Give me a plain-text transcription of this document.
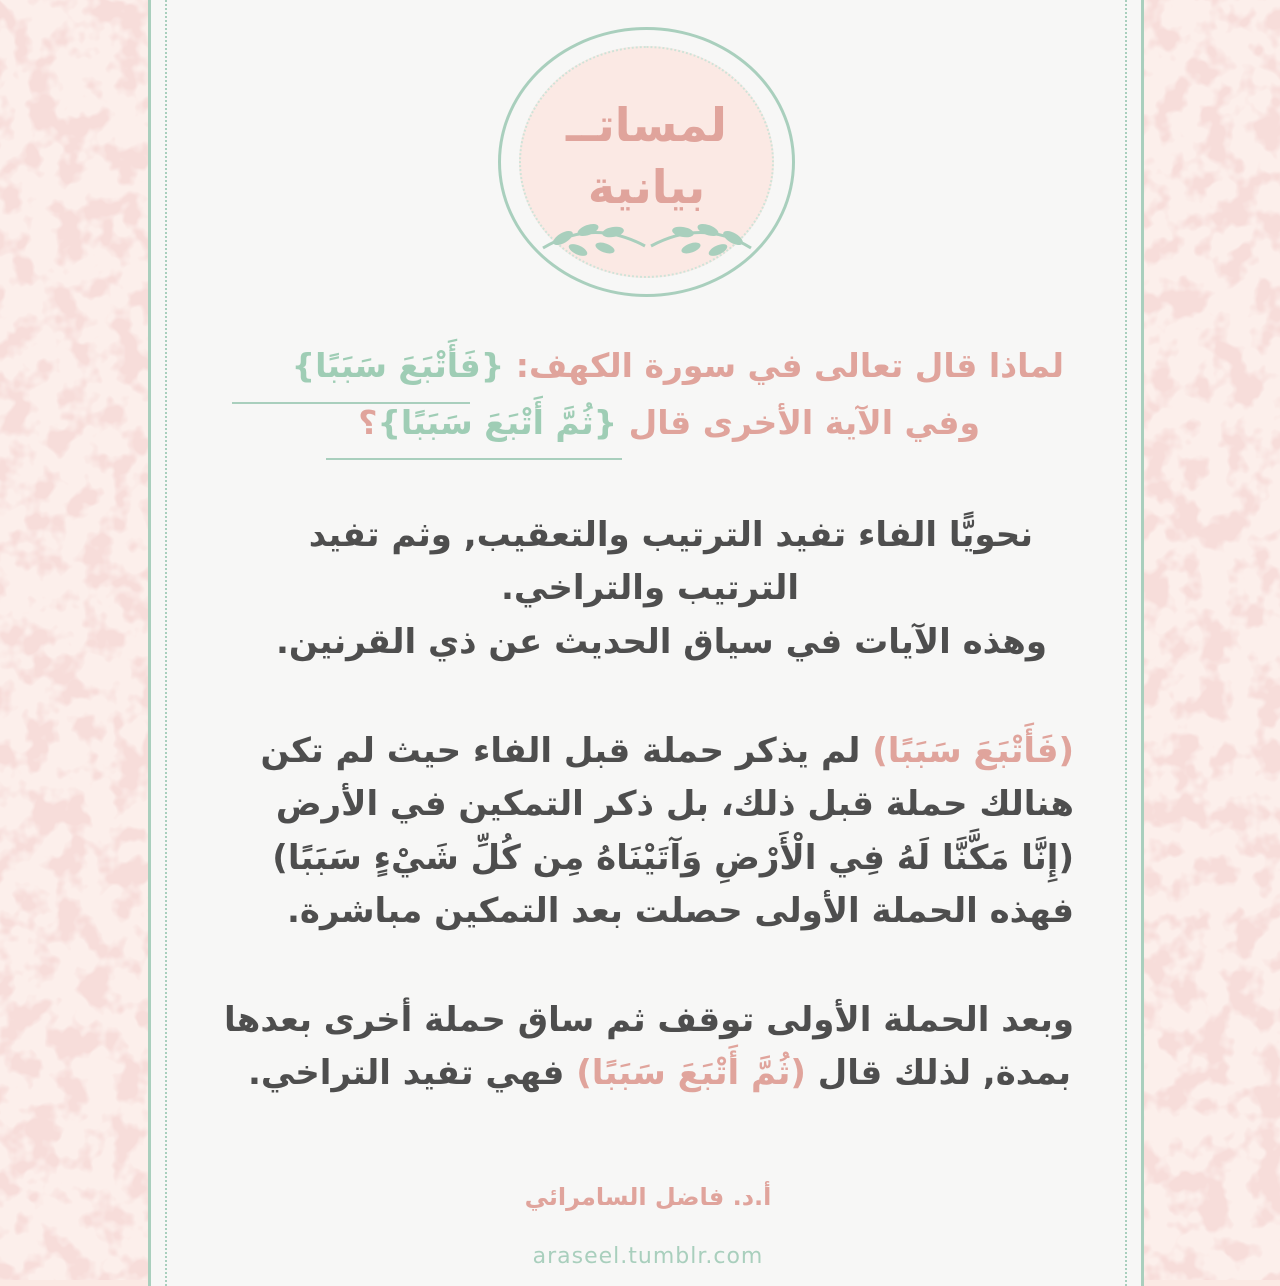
لمساتــ
بيانية
لماذا قال تعالى في سورة الكهف: {فَأَتْبَعَ سَبَبًا}
وفي الآية الأخرى قال {ثُمَّ أَتْبَعَ سَبَبًا}؟
نحويًّا الفاء تفيد الترتيب والتعقيب, وثم تفيد
الترتيب والتراخي.
وهذه الآيات في سياق الحديث عن ذي القرنين.
(فَأَتْبَعَ سَبَبًا) لم يذكر حملة قبل الفاء حيث لم تكن
هنالك حملة قبل ذلك، بل ذكر التمكين في الأرض
(إِنَّا مَكَّنَّا لَهُ فِي الْأَرْضِ وَآتَيْنَاهُ مِن كُلِّ شَيْءٍ سَبَبًا)
فهذه الحملة الأولى حصلت بعد التمكين مباشرة.
وبعد الحملة الأولى توقف ثم ساق حملة أخرى بعدها
بمدة, لذلك قال (ثُمَّ أَتْبَعَ سَبَبًا) فهي تفيد التراخي.
أ.د. فاضل السامرائي
araseel.tumblr.com
